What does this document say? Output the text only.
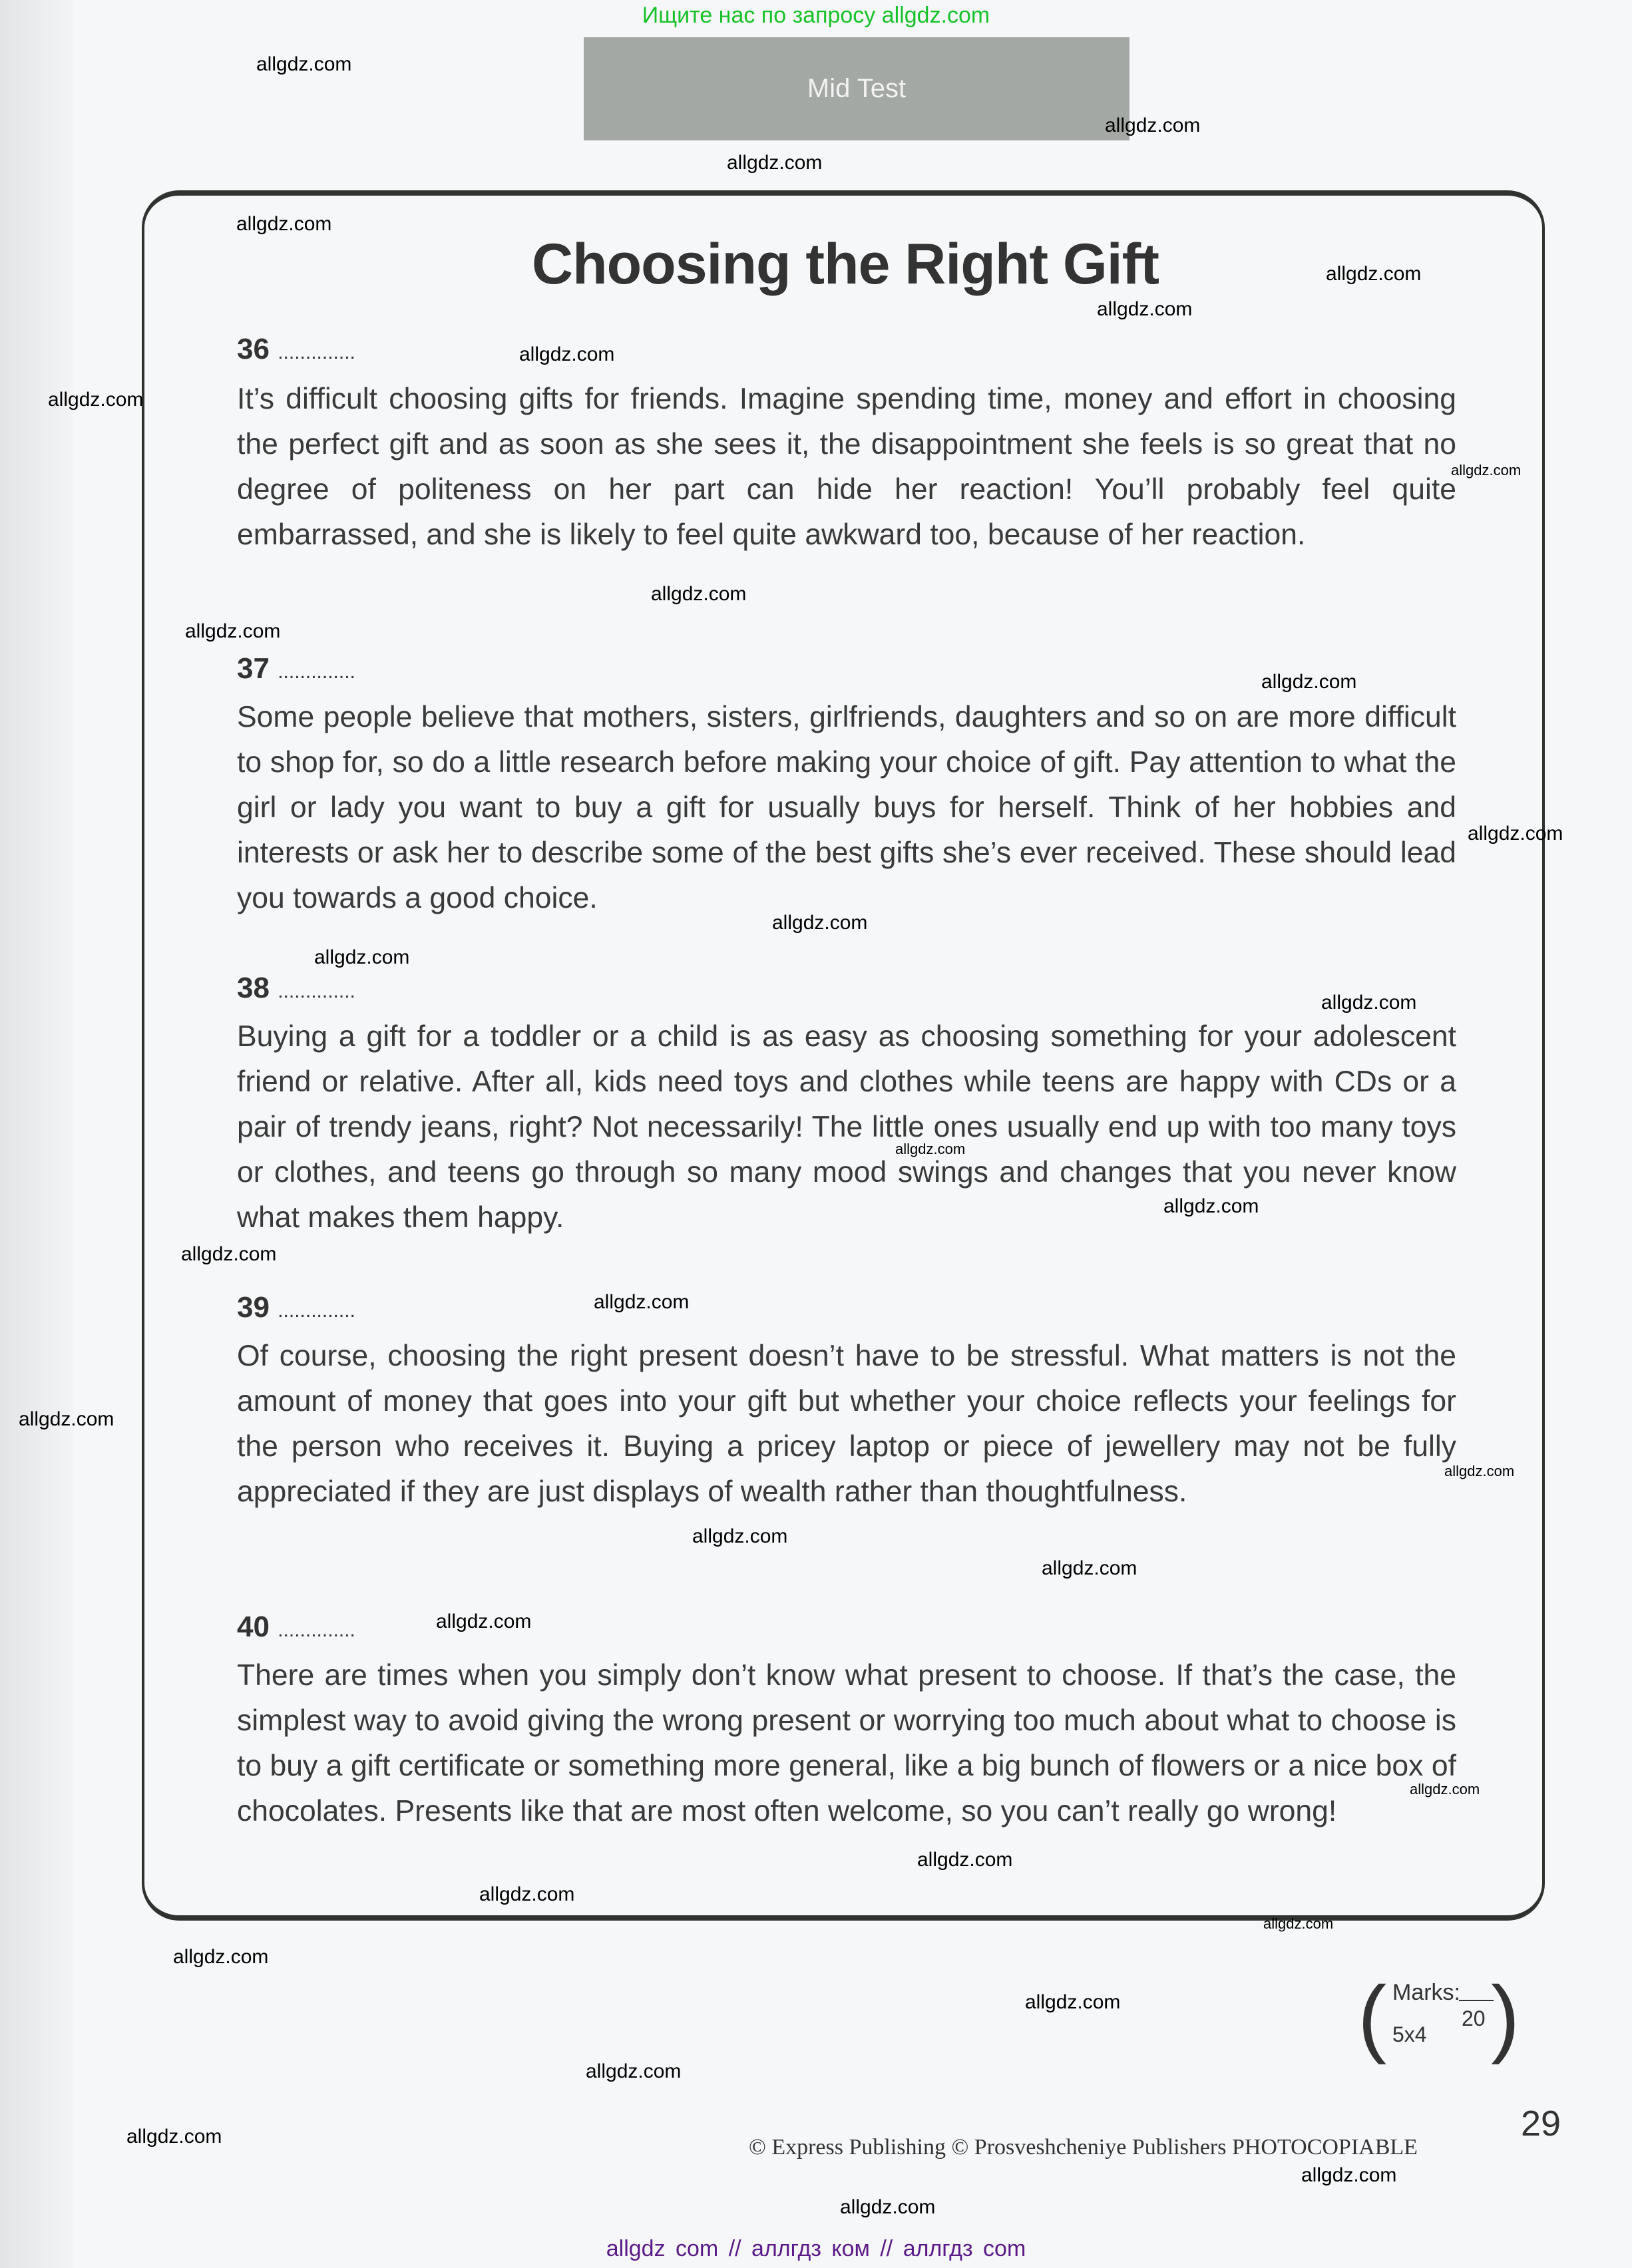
Ищите нас по запросу allgdz.com
Mid Test
Choosing the Right Gift
36 ..............
It’s difficult choosing gifts for friends. Imagine spending time, money and effort in choosing the perfect gift and as soon as she sees it, the disappointment she feels is so great that no degree of politeness on her part can hide her reaction! You’ll probably feel quite embarrassed, and she is likely to feel quite awkward too, because of her reaction.
37 ..............
Some people believe that mothers, sisters, girlfriends, daughters and so on are more difficult to shop for, so do a little research before making your choice of gift. Pay attention to what the girl or lady you want to buy a gift for usually buys for herself. Think of her hobbies and interests or ask her to describe some of the best gifts she’s ever received. These should lead you towards a good choice.
38 ..............
Buying a gift for a toddler or a child is as easy as choosing something for your adolescent friend or relative. After all, kids need toys and clothes while teens are happy with CDs or a pair of trendy jeans, right? Not necessarily! The little ones usually end up with too many toys or clothes, and teens go through so many mood swings and changes that you never know what makes them happy.
39 ..............
Of course, choosing the right present doesn’t have to be stressful. What matters is not the amount of money that goes into your gift but whether your choice reflects your feelings for the person who receives it. Buying a pricey laptop or piece of jewellery may not be fully appreciated if they are just displays of wealth rather than thoughtfulness.
40 ..............
There are times when you simply don’t know what present to choose. If that’s the case, the simplest way to avoid giving the wrong present or worrying too much about what to choose is to buy a gift certificate or something more general, like a big bunch of flowers or a nice box of chocolates. Presents like that are most often welcome, so you can’t really go wrong!
( Marks:
20
5x4 )
© Express Publishing © Prosveshcheniye Publishers PHOTOCOPIABLE
29
allgdz com // аллгдз ком // аллгдз com
allgdz.com
allgdz.com
allgdz.com
allgdz.com
allgdz.com
allgdz.com
allgdz.com
allgdz.com
allgdz.com
allgdz.com
allgdz.com
allgdz.com
allgdz.com
allgdz.com
allgdz.com
allgdz.com
allgdz.com
allgdz.com
allgdz.com
allgdz.com
allgdz.com
allgdz.com
allgdz.com
allgdz.com
allgdz.com
allgdz.com
allgdz.com
allgdz.com
allgdz.com
allgdz.com
allgdz.com
allgdz.com
allgdz.com
allgdz.com
allgdz.com
